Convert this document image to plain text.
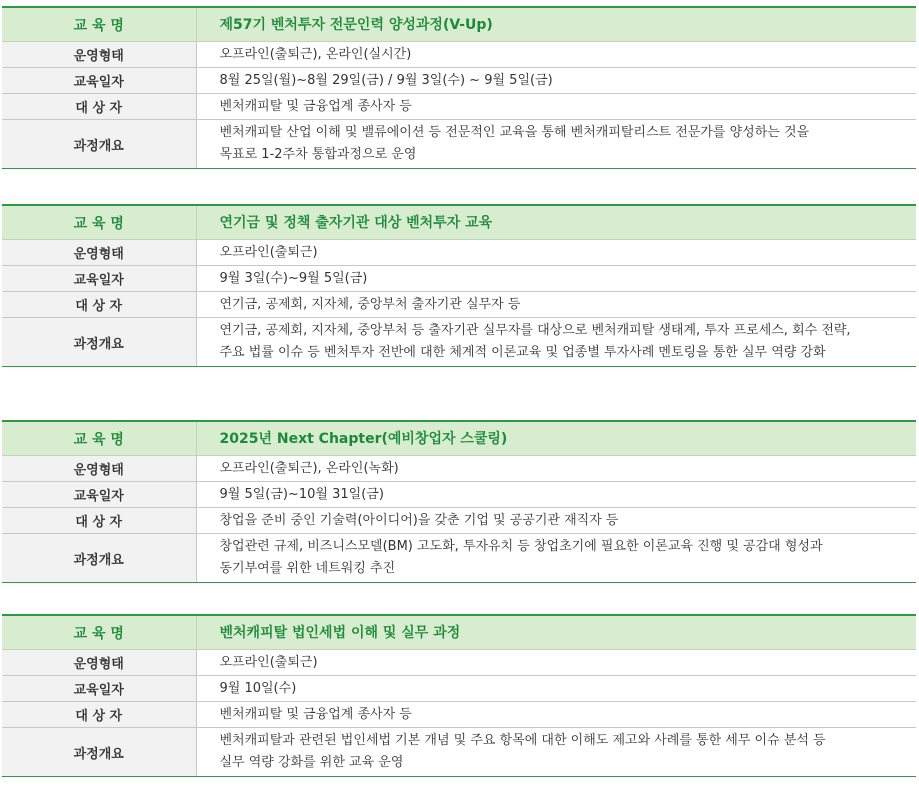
교 육 명	제57기 벤처투자 전문인력 양성과정(V-Up)
운영형태	오프라인(출퇴근), 온라인(실시간)
교육일자	8월 25일(월)~8월 29일(금) / 9월 3일(수) ~ 9월 5일(금)
대 상 자	벤처캐피탈 및 금융업계 종사자 등
과정개요	벤처캐피탈 산업 이해 및 밸류에이션 등 전문적인 교육을 통해 벤처캐피탈리스트 전문가를 양성하는 것을
목표로 1-2주차 통합과정으로 운영
교 육 명	연기금 및 정책 출자기관 대상 벤처투자 교육
운영형태	오프라인(출퇴근)
교육일자	9월 3일(수)~9월 5일(금)
대 상 자	연기금, 공제회, 지자체, 중앙부처 출자기관 실무자 등
과정개요	연기금, 공제회, 지자체, 중앙부처 등 출자기관 실무자를 대상으로 벤처캐피탈 생태계, 투자 프로세스, 회수 전략,
주요 법률 이슈 등 벤처투자 전반에 대한 체계적 이론교육 및 업종별 투자사례 멘토링을 통한 실무 역량 강화
교 육 명	2025년 Next Chapter(예비창업자 스쿨링)
운영형태	오프라인(출퇴근), 온라인(녹화)
교육일자	9월 5일(금)~10월 31일(금)
대 상 자	창업을 준비 중인 기술력(아이디어)을 갖춘 기업 및 공공기관 재직자 등
과정개요	창업관련 규제, 비즈니스모델(BM) 고도화, 투자유치 등 창업초기에 필요한 이론교육 진행 및 공감대 형성과
동기부여를 위한 네트워킹 추진
교 육 명	벤처캐피탈 법인세법 이해 및 실무 과정
운영형태	오프라인(출퇴근)
교육일자	9월 10일(수)
대 상 자	벤처캐피탈 및 금융업계 종사자 등
과정개요	벤처캐피탈과 관련된 법인세법 기본 개념 및 주요 항목에 대한 이해도 제고와 사례를 통한 세무 이슈 분석 등
실무 역량 강화를 위한 교육 운영
